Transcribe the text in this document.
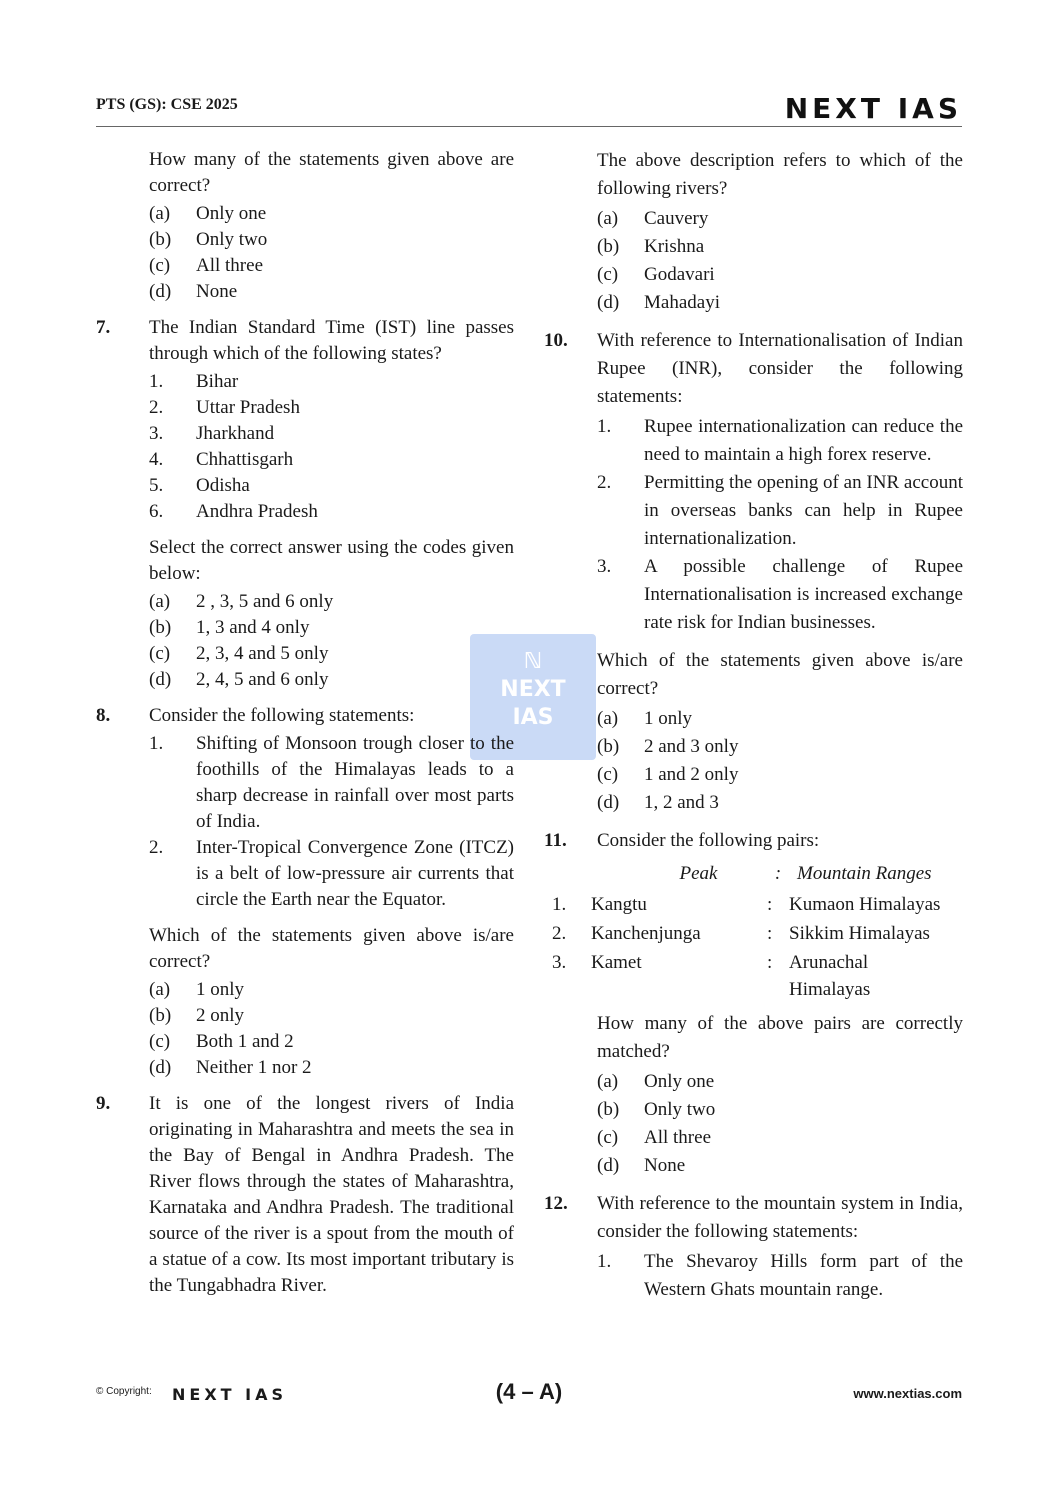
PTS (GS): CSE 2025	NEXT IAS
ℕ
NEXT
IAS

How many of the statements given above are correct?

(a)	Only one
(b)	Only two
(c)	All three
(d)	None
7. The Indian Standard Time (IST) line passes through which of the following states?

1.	Bihar
2.	Uttar Pradesh
3.	Jharkhand
4.	Chhattisgarh
5.	Odisha
6.	Andhra Pradesh

Select the correct answer using the codes given below:

(a)	2 , 3, 5 and 6 only
(b)	1, 3 and 4 only
(c)	2, 3, 4 and 5 only
(d)	2, 4, 5 and 6 only
8. Consider the following statements:

1.	Shifting of Monsoon trough closer to the foothills of the Himalayas leads to a sharp decrease in rainfall over most parts of India.
2.	Inter-Tropical Convergence Zone (ITCZ) is a belt of low-pressure air currents that circle the Earth near the Equator.

Which of the statements given above is/are correct?

(a)	1 only
(b)	2 only
(c)	Both 1 and 2
(d)	Neither 1 nor 2
9. It is one of the longest rivers of India originating in Maharashtra and meets the sea in the Bay of Bengal in Andhra Pradesh. The River flows through the states of Maharashtra, Karnataka and Andhra Pradesh. The traditional source of the river is a spout from the mouth of a statue of a cow. Its most important tributary is the Tungabhadra River.

The above description refers to which of the following rivers?

(a)	Cauvery
(b)	Krishna
(c)	Godavari
(d)	Mahadayi
10. With reference to Internationalisation of Indian Rupee (INR), consider the following statements:

1.	Rupee internationalization can reduce the need to maintain a high forex reserve.
2.	Permitting the opening of an INR account in overseas banks can help in Rupee internationalization.
3.	A possible challenge of Rupee Internationalisation is increased exchange rate risk for Indian businesses.

Which of the statements given above is/are correct?

(a)	1 only
(b)	2 and 3 only
(c)	1 and 2 only
(d)	1, 2 and 3
11. Consider the following pairs:

	Peak	:	Mountain Ranges
1.	Kangtu	:	Kumaon Himalayas
2.	Kanchenjunga	:	Sikkim Himalayas
3.	Kamet	:	Arunachal Himalayas

How many of the above pairs are correctly matched?

(a)	Only one
(b)	Only two
(c)	All three
(d)	None
12. With reference to the mountain system in India, consider the following statements:

1.	The Shevaroy Hills form part of the Western Ghats mountain range.
© Copyright: NEXT IAS	(4 – A)	www.nextias.com
